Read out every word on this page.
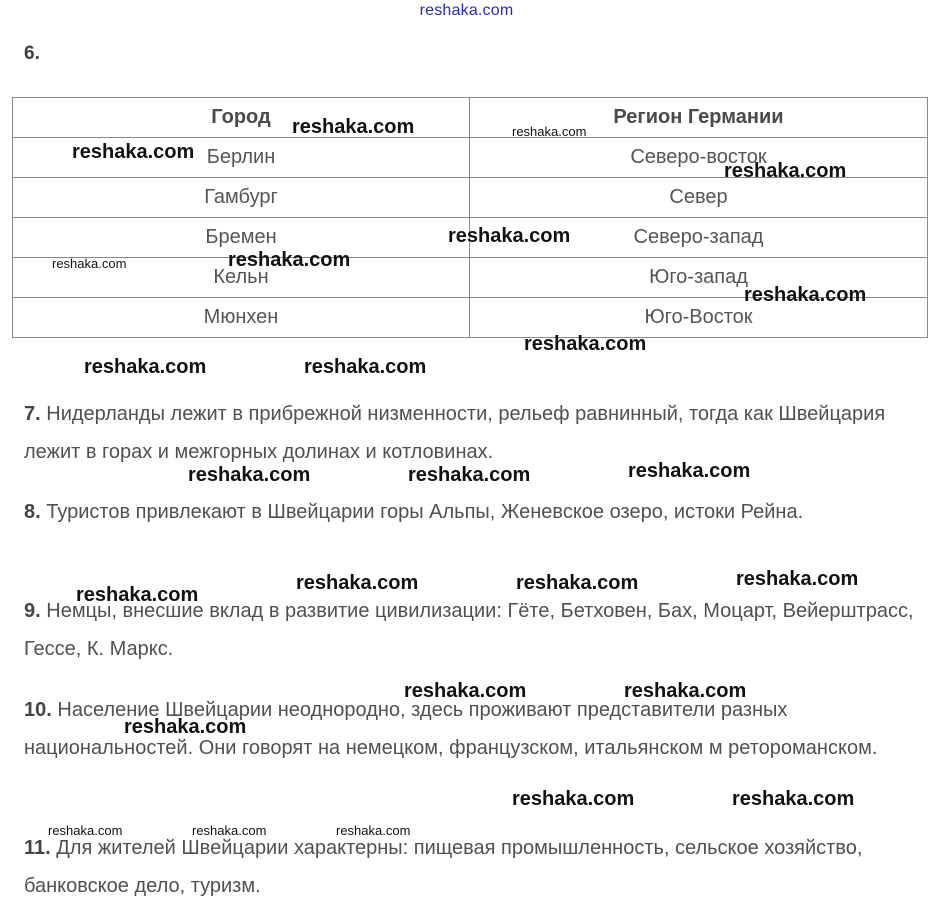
reshaka.com
6.
Город	Регион Германии
Берлин	Северо-восток
Гамбург	Север
Бремен	Северо-запад
Кельн	Юго-запад
Мюнхен	Юго-Восток
7. Нидерланды лежит в прибрежной низменности, рельеф равнинный, тогда как Швейцария лежит в горах и межгорных долинах и котловинах.
8. Туристов привлекают в Швейцарии горы Альпы, Женевское озеро, истоки Рейна.
9. Немцы, внесшие вклад в развитие цивилизации: Гёте, Бетховен, Бах, Моцарт, Вейерштрасс, Гессе, К. Маркс.
10. Население Швейцарии неоднородно, здесь проживают представители разных национальностей. Они говорят на немецком, французском, итальянском м ретороманском.
11. Для жителей Швейцарии характерны: пищевая промышленность, сельское хозяйство, банковское дело, туризм.
reshaka.com	reshaka.com
reshaka.com
reshaka.com
reshaka.com
reshaka.com
reshaka.com
reshaka.com
reshaka.com
reshaka.com	reshaka.com
reshaka.com
reshaka.com	reshaka.com
reshaka.com
reshaka.com	reshaka.com
reshaka.com
reshaka.com	reshaka.com
reshaka.com
reshaka.com	reshaka.com
reshaka.com	reshaka.com	reshaka.com
